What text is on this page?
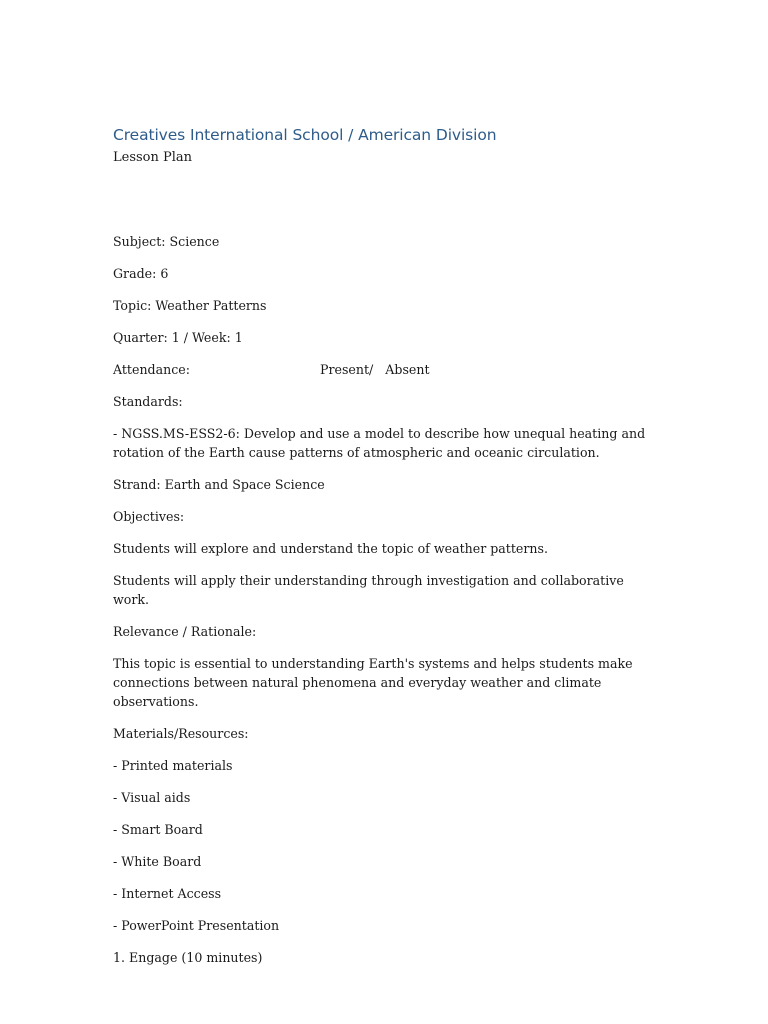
Creatives International School / American Division

Lesson Plan

Subject: Science

Grade: 6

Topic: Weather Patterns

Quarter: 1 / Week: 1

Attendance:	Present/   Absent

Standards:

- NGSS.MS-ESS2-6: Develop and use a model to describe how unequal heating and rotation of the Earth cause patterns of atmospheric and oceanic circulation.

Strand: Earth and Space Science

Objectives:

Students will explore and understand the topic of weather patterns.

Students will apply their understanding through investigation and collaborative work.

Relevance / Rationale:

This topic is essential to understanding Earth's systems and helps students make connections between natural phenomena and everyday weather and climate observations.

Materials/Resources:

- Printed materials

- Visual aids

- Smart Board

- White Board

- Internet Access

- PowerPoint Presentation

1. Engage (10 minutes)
